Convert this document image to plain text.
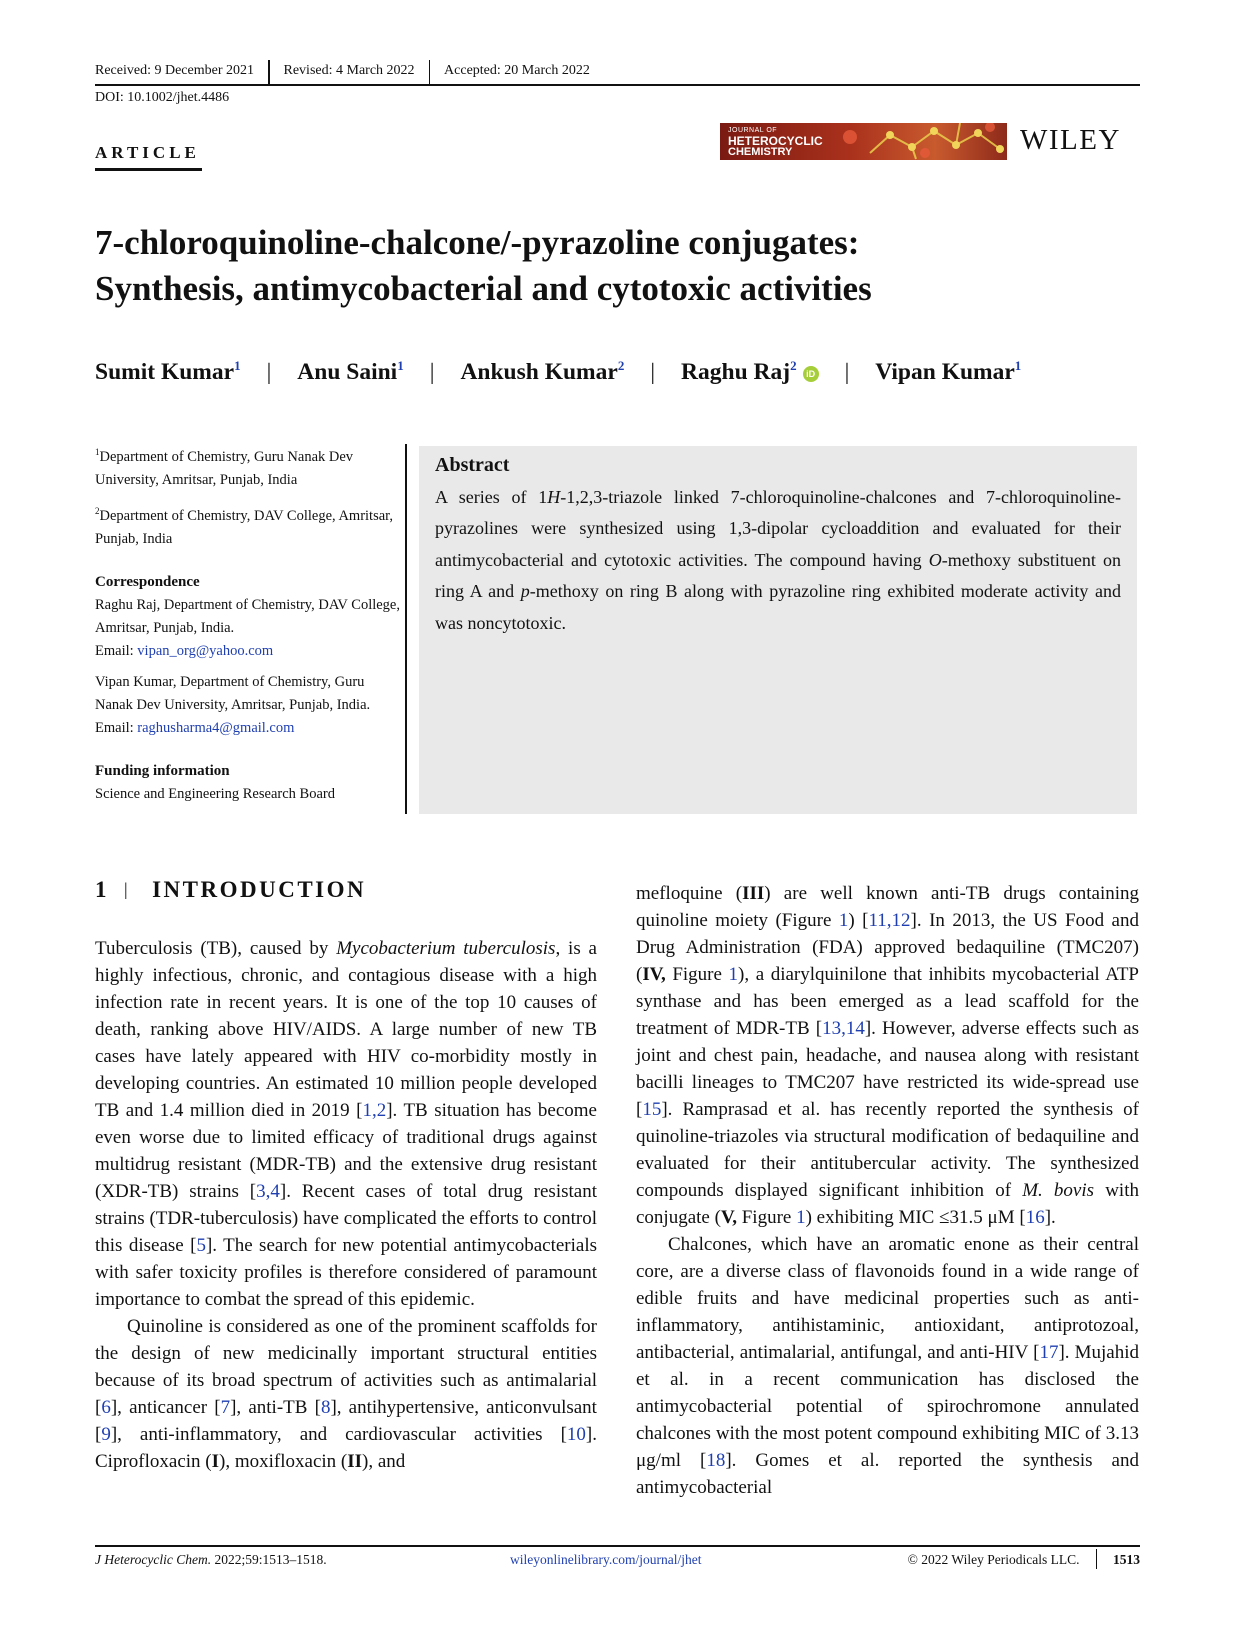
Received: 9 December 2021	Revised: 4 March 2022	Accepted: 20 March 2022
DOI: 10.1002/jhet.4486
ARTICLE
JOURNAL OF
HETEROCYCLIC
CHEMISTRY	WILEY
7-chloroquinoline-chalcone/-pyrazoline conjugates:
Synthesis, antimycobacterial and cytotoxic activities
Sumit Kumar$^1$ | Anu Saini$^1$ | Ankush Kumar$^2$ | Raghu Raj$^2$iD | Vipan Kumar$^1$

$^1$Department of Chemistry, Guru Nanak Dev University, Amritsar, Punjab, India

$^2$Department of Chemistry, DAV College, Amritsar, Punjab, India

Correspondence

Raghu Raj, Department of Chemistry, DAV College, Amritsar, Punjab, India.
Email: vipan_org@yahoo.com

Vipan Kumar, Department of Chemistry, Guru Nanak Dev University, Amritsar, Punjab, India.
Email: raghusharma4@gmail.com

Funding information

Science and Engineering Research Board

Abstract
A series of 1H-1,2,3-triazole linked 7-chloroquinoline-chalcones and 7-chloroquinoline-pyrazolines were synthesized using 1,3-dipolar cycloaddition and evaluated for their antimycobacterial and cytotoxic activities. The compound having O-methoxy substituent on ring A and p-methoxy on ring B along with pyrazoline ring exhibited moderate activity and was noncytotoxic.
1 | INTRODUCTION

Tuberculosis (TB), caused by Mycobacterium tuberculosis, is a highly infectious, chronic, and contagious disease with a high infection rate in recent years. It is one of the top 10 causes of death, ranking above HIV/AIDS. A large number of new TB cases have lately appeared with HIV co-morbidity mostly in developing countries. An estimated 10 million people developed TB and 1.4 million died in 2019 [1,2]. TB situation has become even worse due to limited efficacy of traditional drugs against multidrug resistant (MDR-TB) and the extensive drug resistant (XDR-TB) strains [3,4]. Recent cases of total drug resistant strains (TDR-tuberculosis) have complicated the efforts to control this disease [5]. The search for new potential antimycobacterials with safer toxicity profiles is therefore considered of paramount importance to combat the spread of this epidemic.

Quinoline is considered as one of the prominent scaffolds for the design of new medicinally important structural entities because of its broad spectrum of activities such as antimalarial [6], anticancer [7], anti-TB [8], antihypertensive, anticonvulsant [9], anti-inflammatory, and cardiovascular activities [10]. Ciprofloxacin (I), moxifloxacin (II), and

mefloquine (III) are well known anti-TB drugs containing quinoline moiety (Figure 1) [11,12]. In 2013, the US Food and Drug Administration (FDA) approved bedaquiline (TMC207) (IV, Figure 1), a diarylquinilone that inhibits mycobacterial ATP synthase and has been emerged as a lead scaffold for the treatment of MDR-TB [13,14]. However, adverse effects such as joint and chest pain, headache, and nausea along with resistant bacilli lineages to TMC207 have restricted its wide-spread use [15]. Ramprasad et al. has recently reported the synthesis of quinoline-triazoles via structural modification of bedaquiline and evaluated for their antitubercular activity. The synthesized compounds displayed significant inhibition of M. bovis with conjugate (V, Figure 1) exhibiting MIC ≤31.5 μM [16].

Chalcones, which have an aromatic enone as their central core, are a diverse class of flavonoids found in a wide range of edible fruits and have medicinal properties such as anti-inflammatory, antihistaminic, antioxidant, antiprotozoal, antibacterial, antimalarial, antifungal, and anti-HIV [17]. Mujahid et al. in a recent communication has disclosed the antimycobacterial potential of spirochromone annulated chalcones with the most potent compound exhibiting MIC of 3.13 μg/ml [18]. Gomes et al. reported the synthesis and antimycobacterial

J Heterocyclic Chem. 2022;59:1513–1518.	wileyonlinelibrary.com/journal/jhet	© 2022 Wiley Periodicals LLC. 1513
